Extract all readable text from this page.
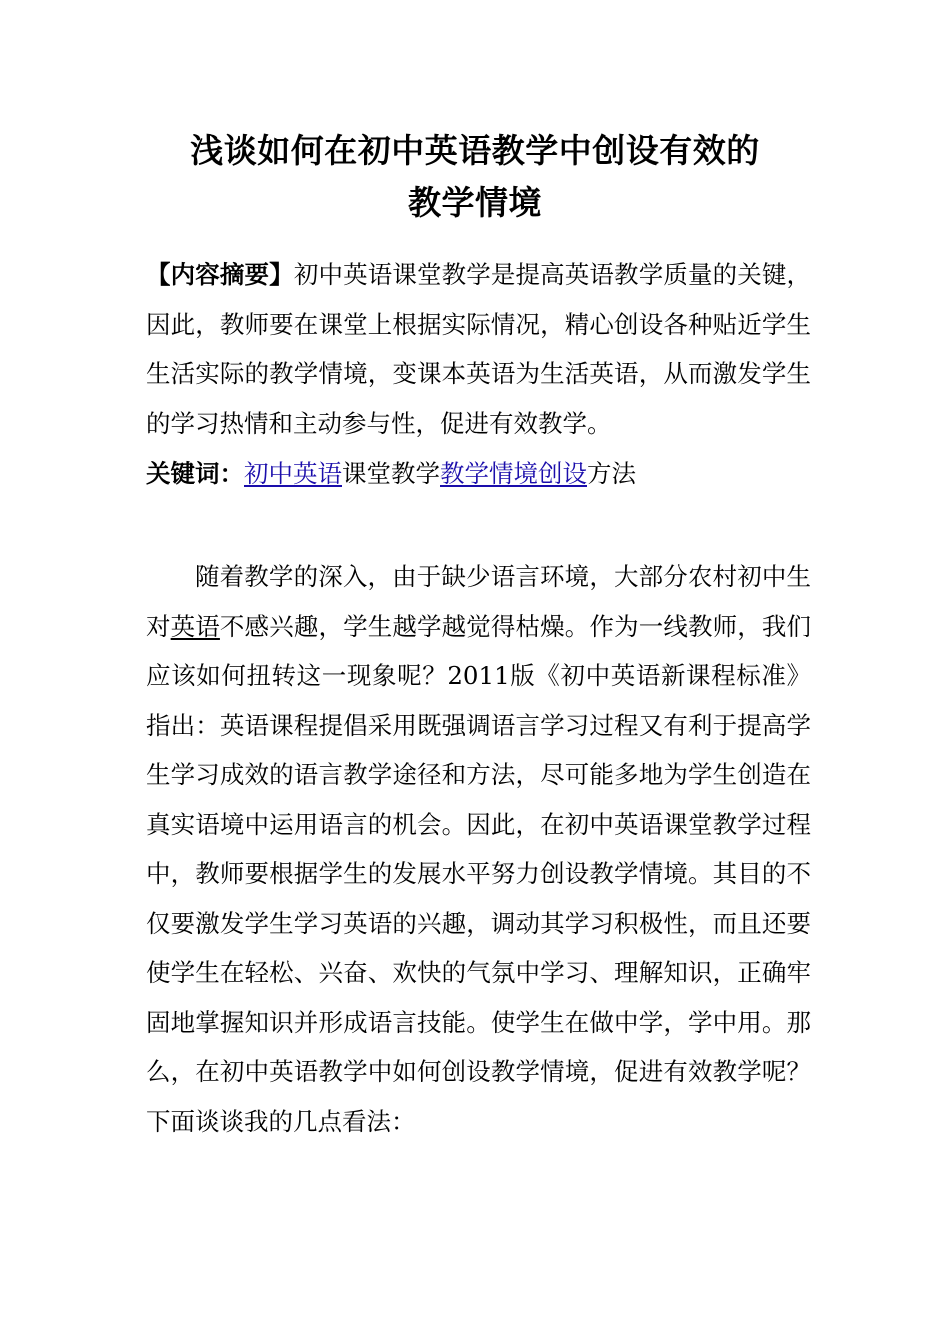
浅谈如何在初中英语教学中创设有效的
教学情境
【内容摘要】初中英语课堂教学是提高英语教学质量的关键，因此，教师要在课堂上根据实际情况，精心创设各种贴近学生生活实际的教学情境，变课本英语为生活英语，从而激发学生的学习热情和主动参与性，促进有效教学。
关键词：初中英语课堂教学教学情境创设方法
随着教学的深入，由于缺少语言环境，大部分农村初中生对英语不感兴趣，学生越学越觉得枯燥。作为一线教师，我们应该如何扭转这一现象呢？2011版《初中英语新课程标准》指出：英语课程提倡采用既强调语言学习过程又有利于提高学生学习成效的语言教学途径和方法，尽可能多地为学生创造在真实语境中运用语言的机会。因此，在初中英语课堂教学过程中，教师要根据学生的发展水平努力创设教学情境。其目的不仅要激发学生学习英语的兴趣，调动其学习积极性，而且还要使学生在轻松、兴奋、欢快的气氛中学习、理解知识，正确牢固地掌握知识并形成语言技能。使学生在做中学，学中用。那么，在初中英语教学中如何创设教学情境，促进有效教学呢？下面谈谈我的几点看法：
